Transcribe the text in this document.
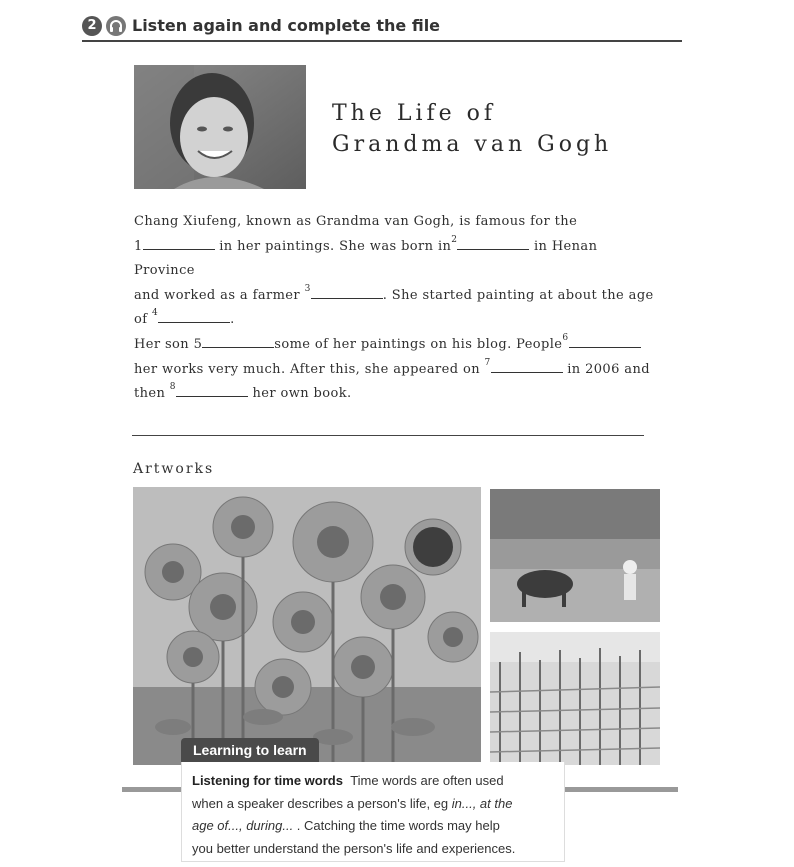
2	Listen again and complete the file
The Life of
Grandma van Gogh
Chang Xiufeng, known as Grandma van Gogh, is famous for the
1	in her paintings. She was born $in^2$	in Henan Province
and worked as a farmer $^3$	. She started painting at about the age
of $^4$	.
Her son 5	some of her paintings on his blog. People$^6$
her works very much. After this, she appeared on $^7$	in 2006 and
then $^8$	her own book.
Artworks
Learning to learn
Listening for time words Time words are often used
when a speaker describes a person's life, eg in..., at the
age of..., during... . Catching the time words may help
you better understand the person's life and experiences.
